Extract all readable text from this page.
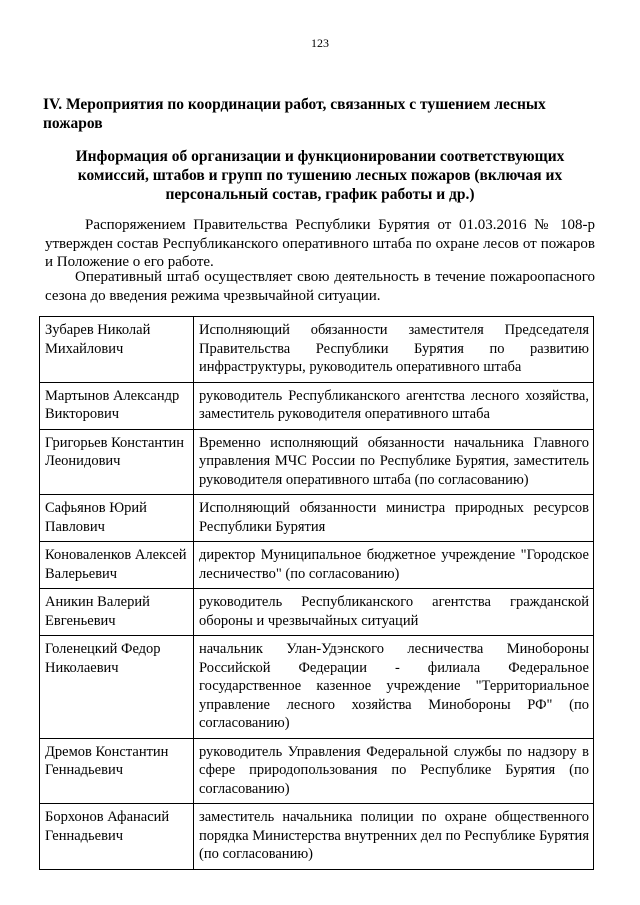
123
IV. Мероприятия по координации работ, связанных с тушением лесных пожаров
Информация об организации и функционировании соответствующих комиссий, штабов и групп по тушению лесных пожаров (включая их персональный состав, график работы и др.)
Распоряжением Правительства Республики Бурятия от 01.03.2016 № 108-р утвержден состав Республиканского оперативного штаба по охране лесов от пожаров и Положение о его работе.
Оперативный штаб осуществляет свою деятельность в течение пожароопасного сезона до введения режима чрезвычайной ситуации.
Зубарев Николай Михайлович	Исполняющий обязанности заместителя Председателя Правительства Республики Бурятия по развитию инфраструктуры, руководитель оперативного штаба
Мартынов Александр Викторович	руководитель Республиканского агентства лесного хозяйства, заместитель руководителя оперативного штаба
Григорьев Константин Леонидович	Временно исполняющий обязанности начальника Главного управления МЧС России по Республике Бурятия, заместитель руководителя оперативного штаба (по согласованию)
Сафьянов Юрий Павлович	Исполняющий обязанности министра природных ресурсов Республики Бурятия
Коноваленков Алексей Валерьевич	директор Муниципальное бюджетное учреждение "Городское лесничество" (по согласованию)
Аникин Валерий Евгеньевич	руководитель Республиканского агентства гражданской обороны и чрезвычайных ситуаций
Голенецкий Федор Николаевич	начальник Улан-Удэнского лесничества Минобороны Российской Федерации - филиала Федеральное государственное казенное учреждение "Территориальное управление лесного хозяйства Минобороны РФ" (по согласованию)
Дремов Константин Геннадьевич	руководитель Управления Федеральной службы по надзору в сфере природопользования по Республике Бурятия (по согласованию)
Борхонов Афанасий Геннадьевич	заместитель начальника полиции по охране общественного порядка Министерства внутренних дел по Республике Бурятия (по согласованию)
